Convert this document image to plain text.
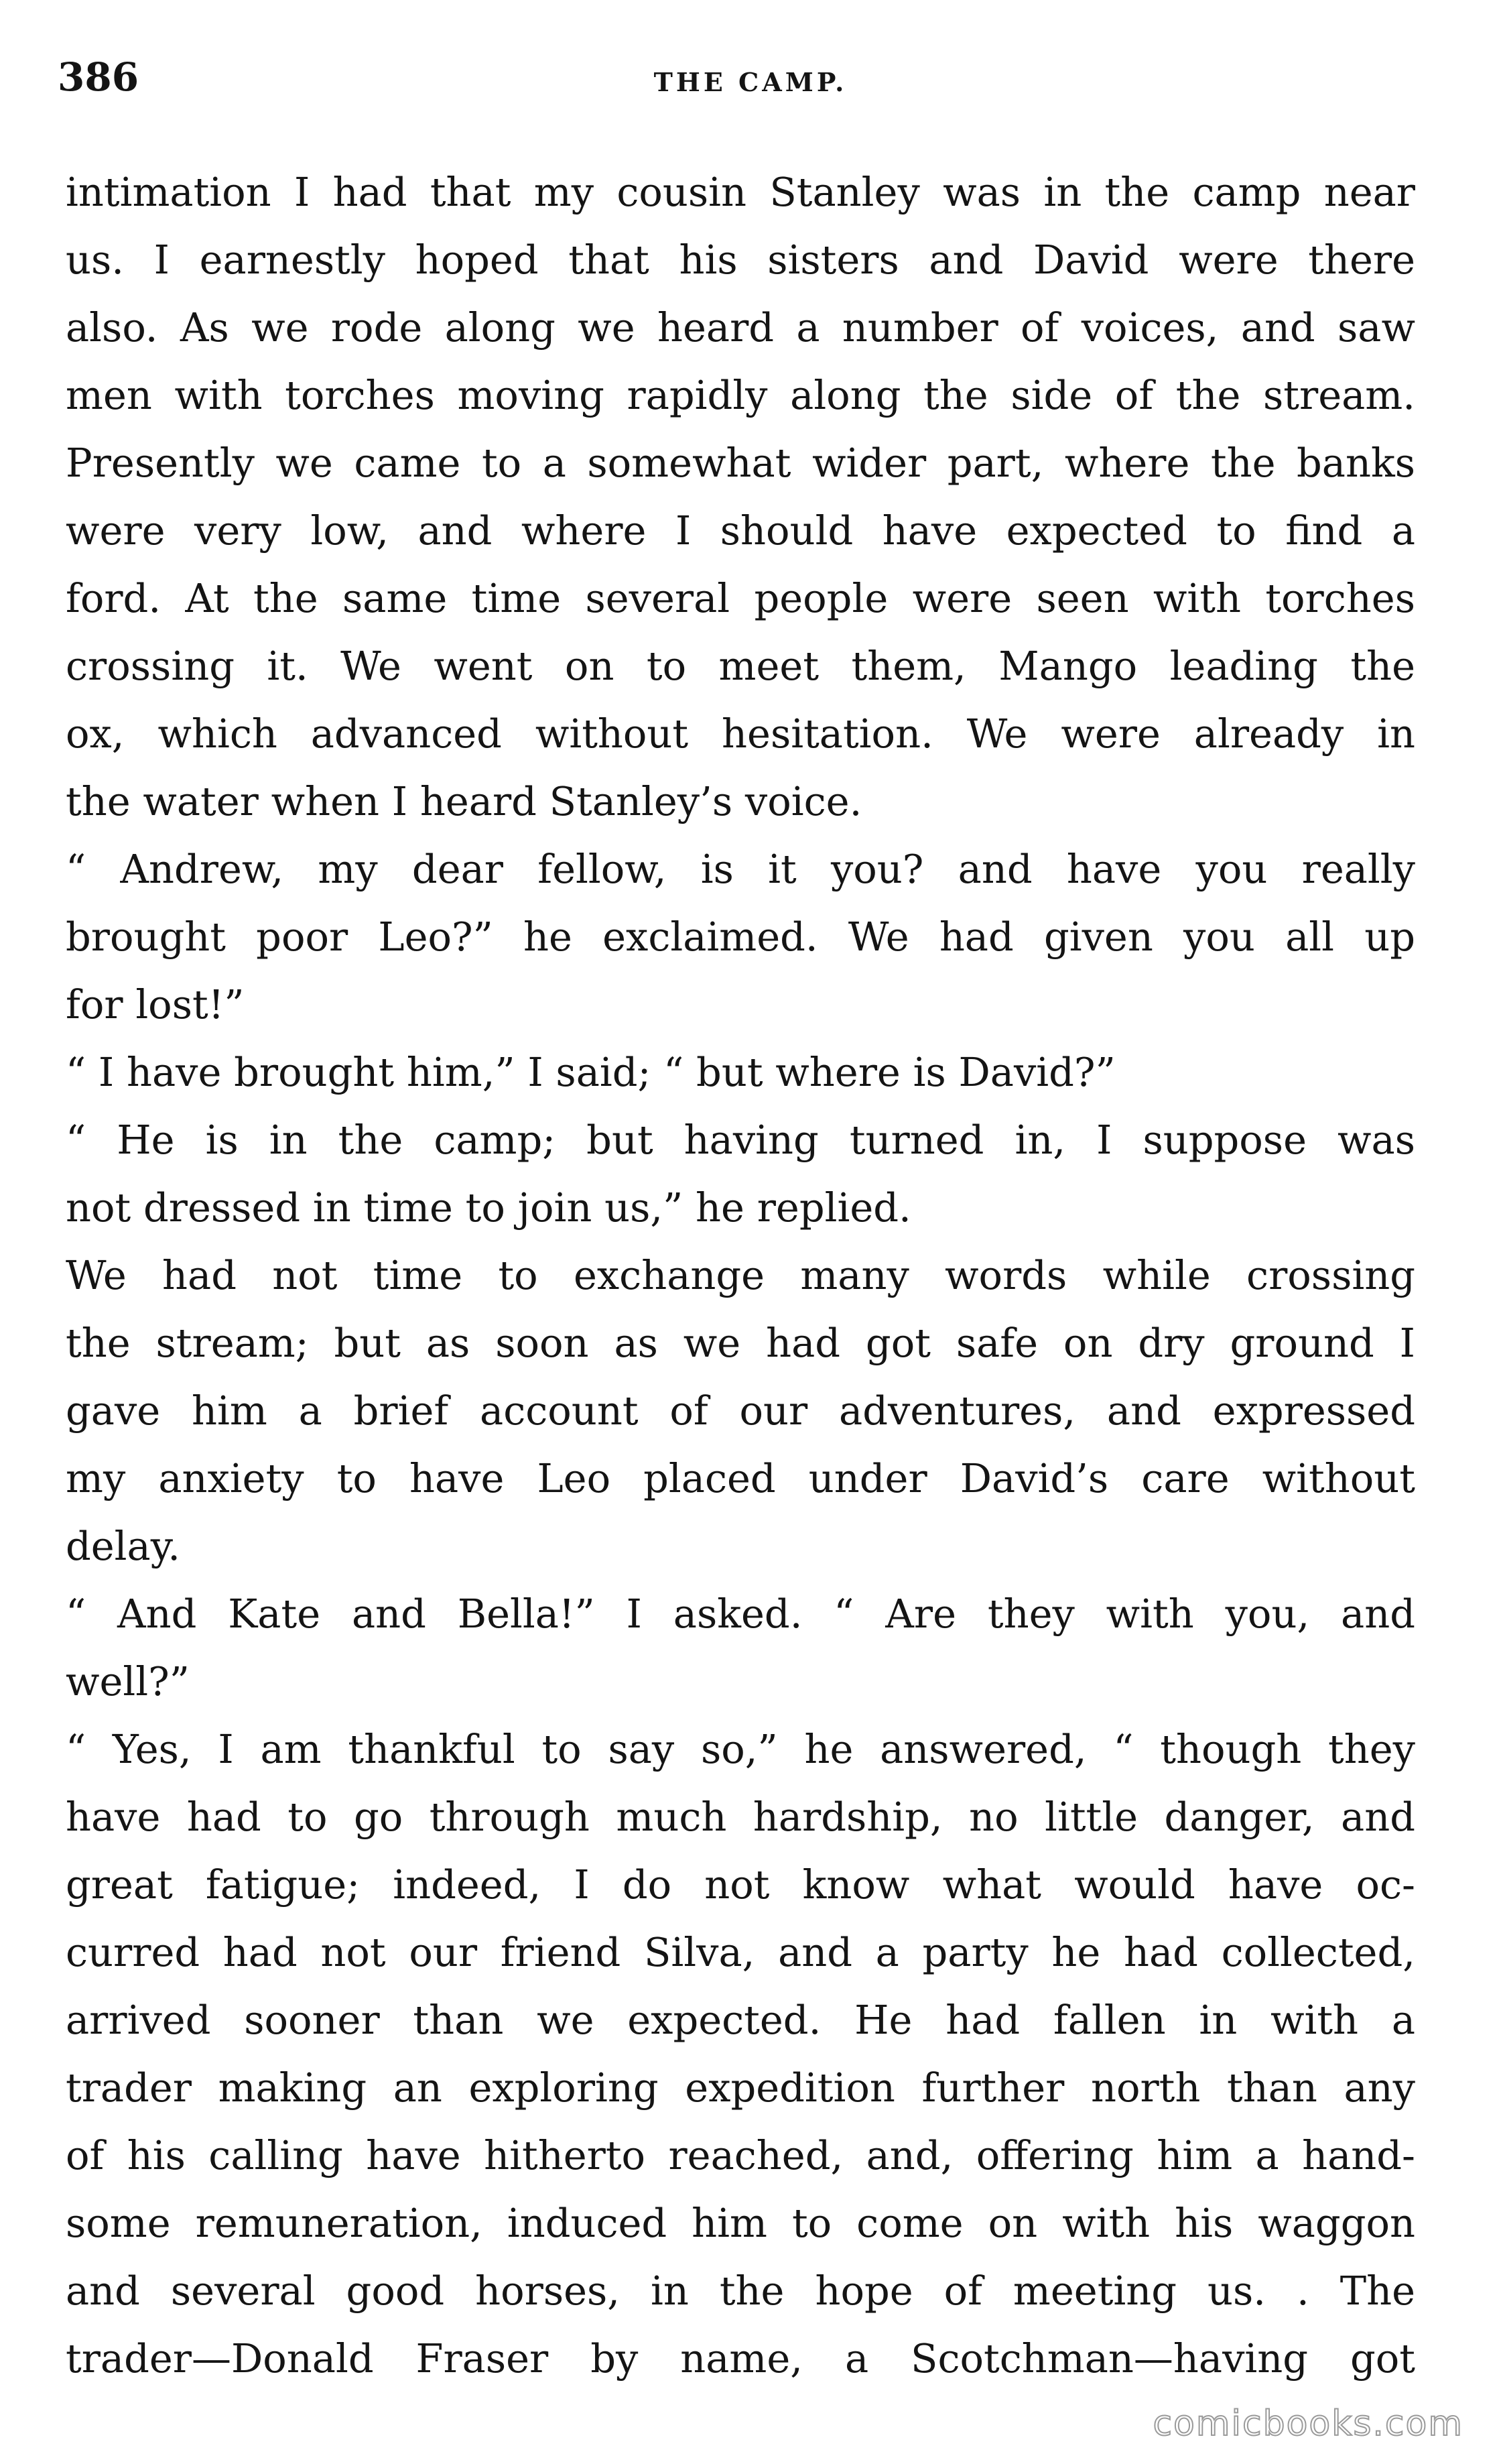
386	THE CAMP.
intimation I had that my cousin Stanley was in the camp near
us. I earnestly hoped that his sisters and David were there
also. As we rode along we heard a number of voices, and saw
men with torches moving rapidly along the side of the stream.
Presently we came to a somewhat wider part, where the banks
were very low, and where I should have expected to find a
ford. At the same time several people were seen with torches
crossing it. We went on to meet them, Mango leading the
ox, which advanced without hesitation. We were already in
the water when I heard Stanley’s voice.
“ Andrew, my dear fellow, is it you? and have you really
brought poor Leo?” he exclaimed. We had given you all up
for lost!”
“ I have brought him,” I said; “ but where is David?”
“ He is in the camp; but having turned in, I suppose was
not dressed in time to join us,” he replied.
We had not time to exchange many words while crossing
the stream; but as soon as we had got safe on dry ground I
gave him a brief account of our adventures, and expressed
my anxiety to have Leo placed under David’s care without
delay.
“ And Kate and Bella!” I asked. “ Are they with you, and
well?”
“ Yes, I am thankful to say so,” he answered, “ though they
have had to go through much hardship, no little danger, and
great fatigue; indeed, I do not know what would have oc-
curred had not our friend Silva, and a party he had collected,
arrived sooner than we expected. He had fallen in with a
trader making an exploring expedition further north than any
of his calling have hitherto reached, and, offering him a hand-
some remuneration, induced him to come on with his waggon
and several good horses, in the hope of meeting us. . The
trader—Donald Fraser by name, a Scotchman—having got
comicbooks.com
